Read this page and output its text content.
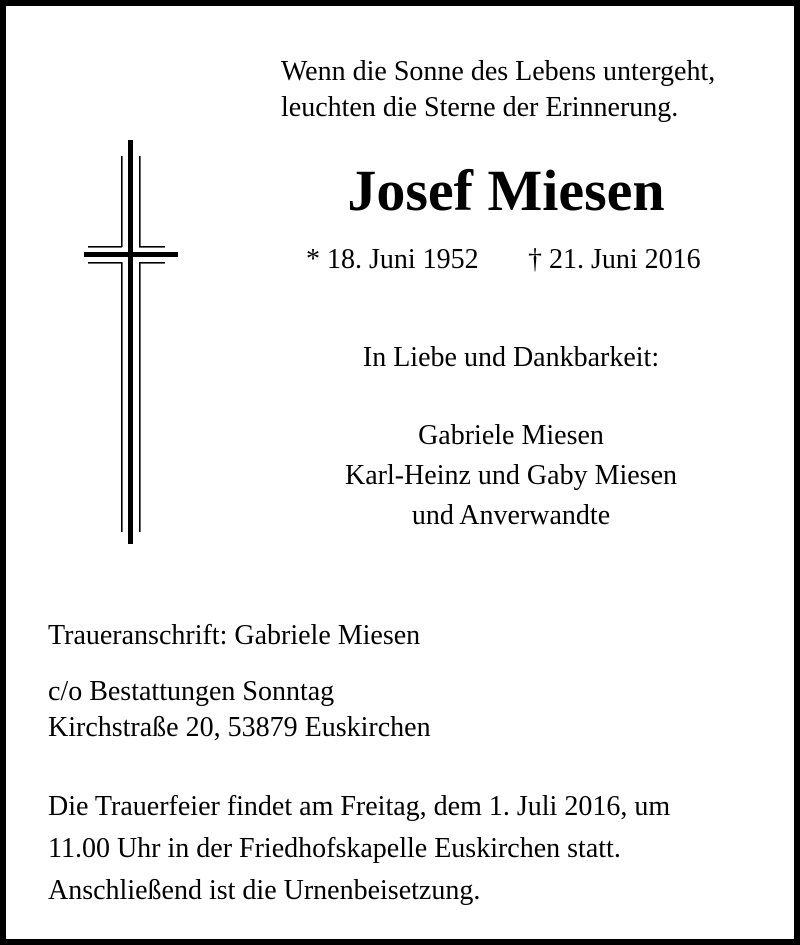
Wenn die Sonne des Lebens untergeht,
leuchten die Sterne der Erinnerung.
Josef Miesen
* 18. Juni 1952 † 21. Juni 2016
In Liebe und Dankbarkeit:
Gabriele Miesen
Karl-Heinz und Gaby Miesen
und Anverwandte
Traueranschrift: Gabriele Miesen
c/o Bestattungen Sonntag
Kirchstraße 20, 53879 Euskirchen
Die Trauerfeier findet am Freitag, dem 1. Juli 2016, um
11.00 Uhr in der Friedhofskapelle Euskirchen statt.
Anschließend ist die Urnenbeisetzung.
